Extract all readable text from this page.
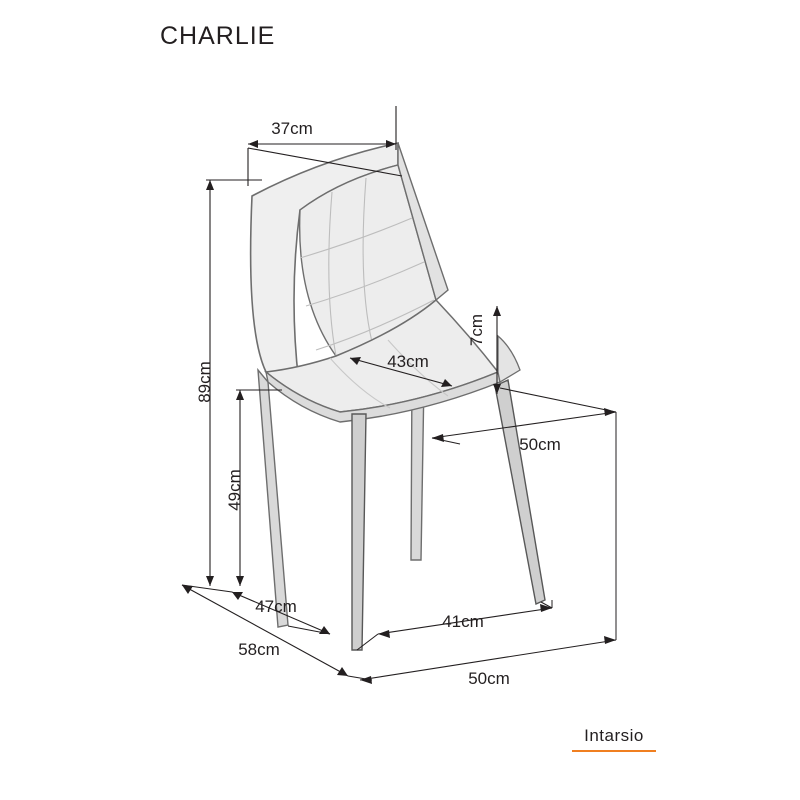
CHARLIE
37cm
89cm
49cm
43cm
7cm
50cm
47cm
58cm
41cm
50cm
Intarsio
